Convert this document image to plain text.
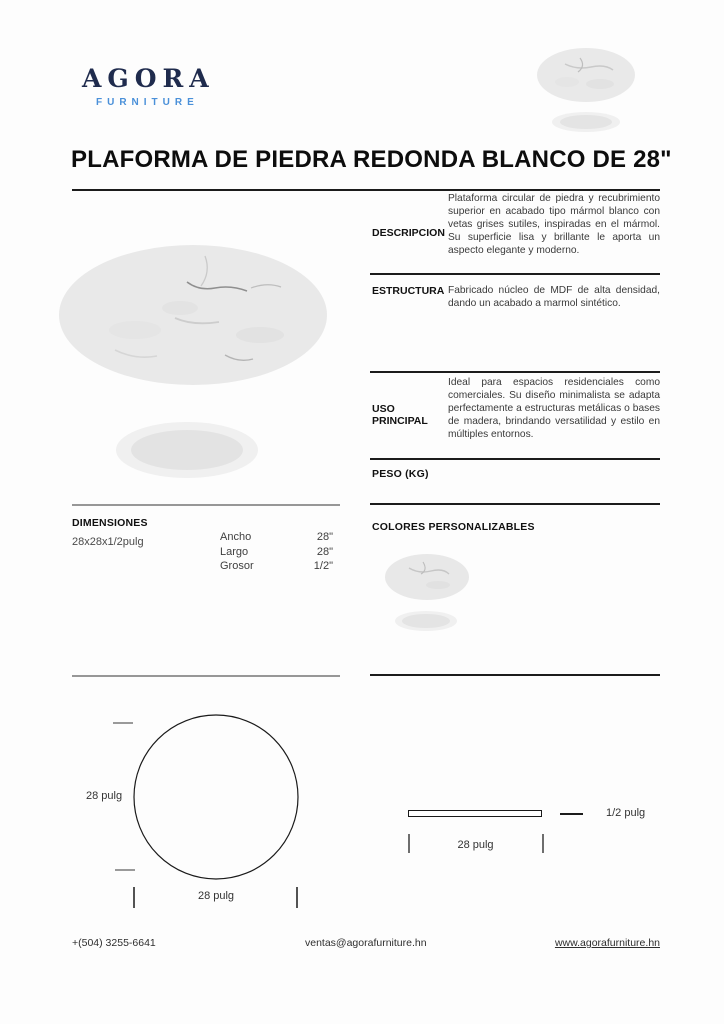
AGORA
FURNITURE
PLAFORMA DE PIEDRA REDONDA BLANCO DE 28"
DESCRIPCION
Plataforma circular de piedra y recubrimiento superior en acabado tipo mármol blanco con vetas grises sutiles, inspiradas en el mármol. Su superficie lisa y brillante le aporta un aspecto elegante y moderno.
ESTRUCTURA Fabricado núcleo de MDF de alta densidad, dando un acabado a marmol sintético.
USO PRINCIPAL
Ideal para espacios residenciales como comerciales. Su diseño minimalista se adapta perfectamente a estructuras metálicas o bases de madera, brindando versatilidad y estilo en múltiples entornos.
PESO (KG)
COLORES PERSONALIZABLES
DIMENSIONES
28x28x1/2pulg	Ancho	28"
Largo	28"
Grosor	1/2"
28 pulg
28 pulg
1/2 pulg
28 pulg
+(504) 3255-6641	ventas@agorafurniture.hn	www.agorafurniture.hn
